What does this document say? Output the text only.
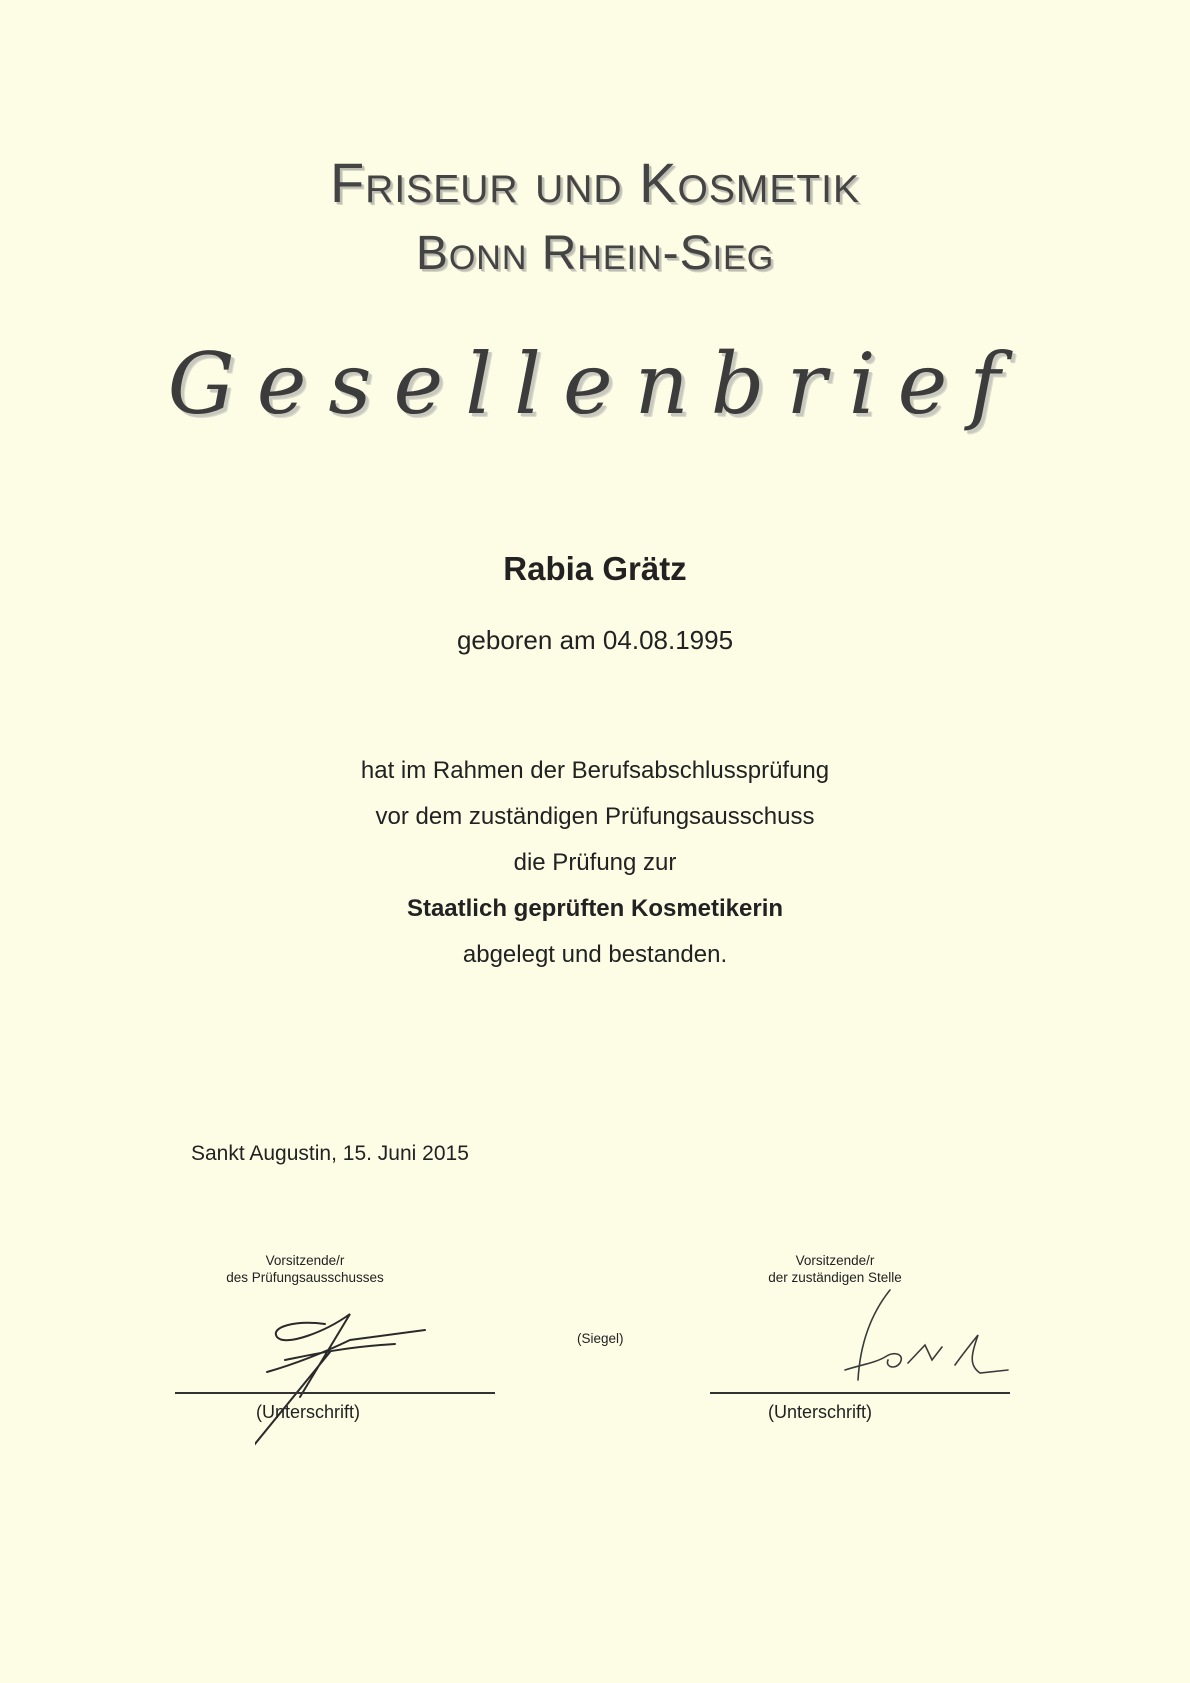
Friseur und Kosmetik
Bonn Rhein-Sieg
Gesellenbrief
Rabia Grätz
geboren am 04.08.1995
hat im Rahmen der Berufsabschlussprüfung
vor dem zuständigen Prüfungsausschuss
die Prüfung zur
Staatlich geprüften Kosmetikerin
abgelegt und bestanden.
Sankt Augustin, 15. Juni 2015
Vorsitzende/r
des Prüfungsausschusses
Vorsitzende/r
der zuständigen Stelle
(Siegel)
(Unterschrift)	(Unterschrift)
